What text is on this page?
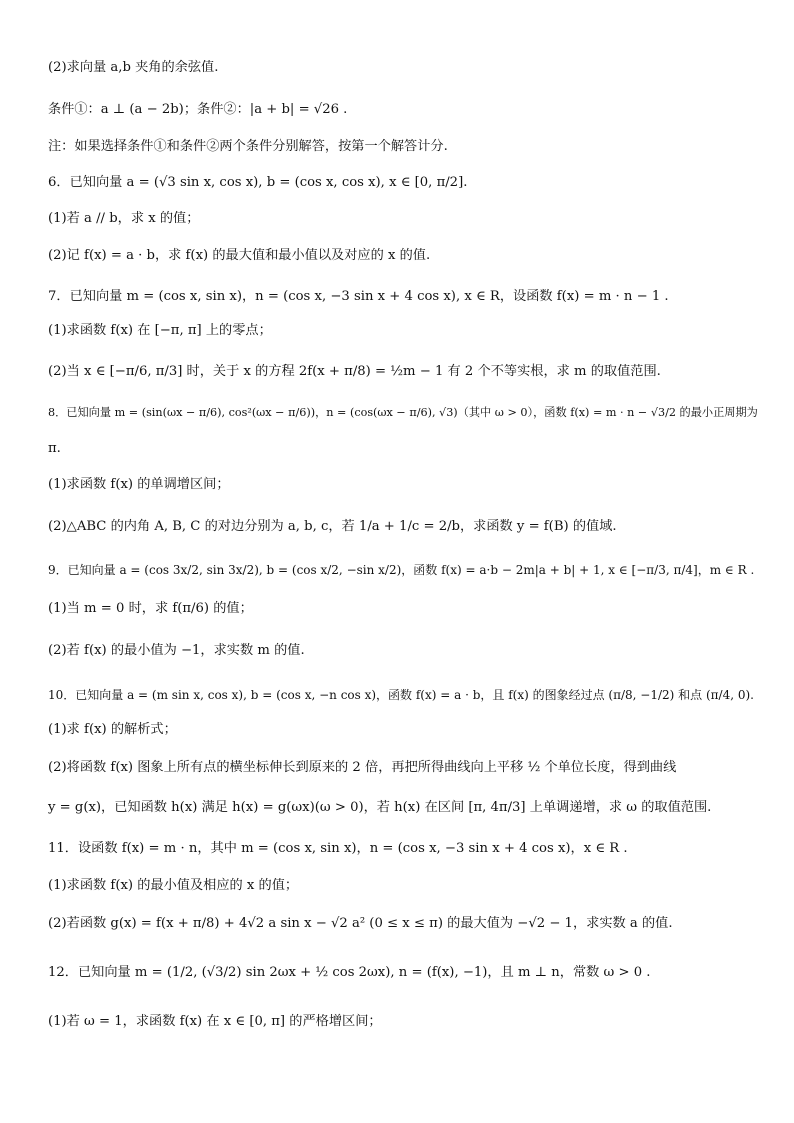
(2)求向量 a,b 夹角的余弦值.
条件①：a ⊥ (a − 2b)；条件②：|a + b| = √26 .
注：如果选择条件①和条件②两个条件分别解答，按第一个解答计分.
6．已知向量 a = (√3 sin x, cos x), b = (cos x, cos x), x ∈ [0, π/2].
(1)若 a // b，求 x 的值；
(2)记 f(x) = a · b，求 f(x) 的最大值和最小值以及对应的 x 的值.
7．已知向量 m = (cos x, sin x)，n = (cos x, −3 sin x + 4 cos x), x ∈ R，设函数 f(x) = m · n − 1 .
(1)求函数 f(x) 在 [−π, π] 上的零点；
(2)当 x ∈ [−π/6, π/3] 时，关于 x 的方程 2f(x + π/8) = ½m − 1 有 2 个不等实根，求 m 的取值范围.
8．已知向量 m = (sin(ωx − π/6), cos²(ωx − π/6))，n = (cos(ωx − π/6), √3)（其中 ω > 0），函数 f(x) = m · n − √3/2 的最小正周期为
π.
(1)求函数 f(x) 的单调增区间；
(2)△ABC 的内角 A, B, C 的对边分别为 a, b, c，若 1/a + 1/c = 2/b，求函数 y = f(B) 的值域.
9．已知向量 a = (cos 3x/2, sin 3x/2), b = (cos x/2, −sin x/2)，函数 f(x) = a·b − 2m|a + b| + 1, x ∈ [−π/3, π/4]，m ∈ R .
(1)当 m = 0 时，求 f(π/6) 的值；
(2)若 f(x) 的最小值为 −1，求实数 m 的值.
10．已知向量 a = (m sin x, cos x), b = (cos x, −n cos x)，函数 f(x) = a · b，且 f(x) 的图象经过点 (π/8, −1/2) 和点 (π/4, 0).
(1)求 f(x) 的解析式；
(2)将函数 f(x) 图象上所有点的横坐标伸长到原来的 2 倍，再把所得曲线向上平移 ½ 个单位长度，得到曲线
y = g(x)，已知函数 h(x) 满足 h(x) = g(ωx)(ω > 0)，若 h(x) 在区间 [π, 4π/3] 上单调递增，求 ω 的取值范围.
11．设函数 f(x) = m · n，其中 m = (cos x, sin x)，n = (cos x, −3 sin x + 4 cos x)，x ∈ R .
(1)求函数 f(x) 的最小值及相应的 x 的值；
(2)若函数 g(x) = f(x + π/8) + 4√2 a sin x − √2 a² (0 ≤ x ≤ π) 的最大值为 −√2 − 1，求实数 a 的值.
12．已知向量 m = (1/2, (√3/2) sin 2ωx + ½ cos 2ωx), n = (f(x), −1)，且 m ⊥ n，常数 ω > 0 .
(1)若 ω = 1，求函数 f(x) 在 x ∈ [0, π] 的严格增区间；
